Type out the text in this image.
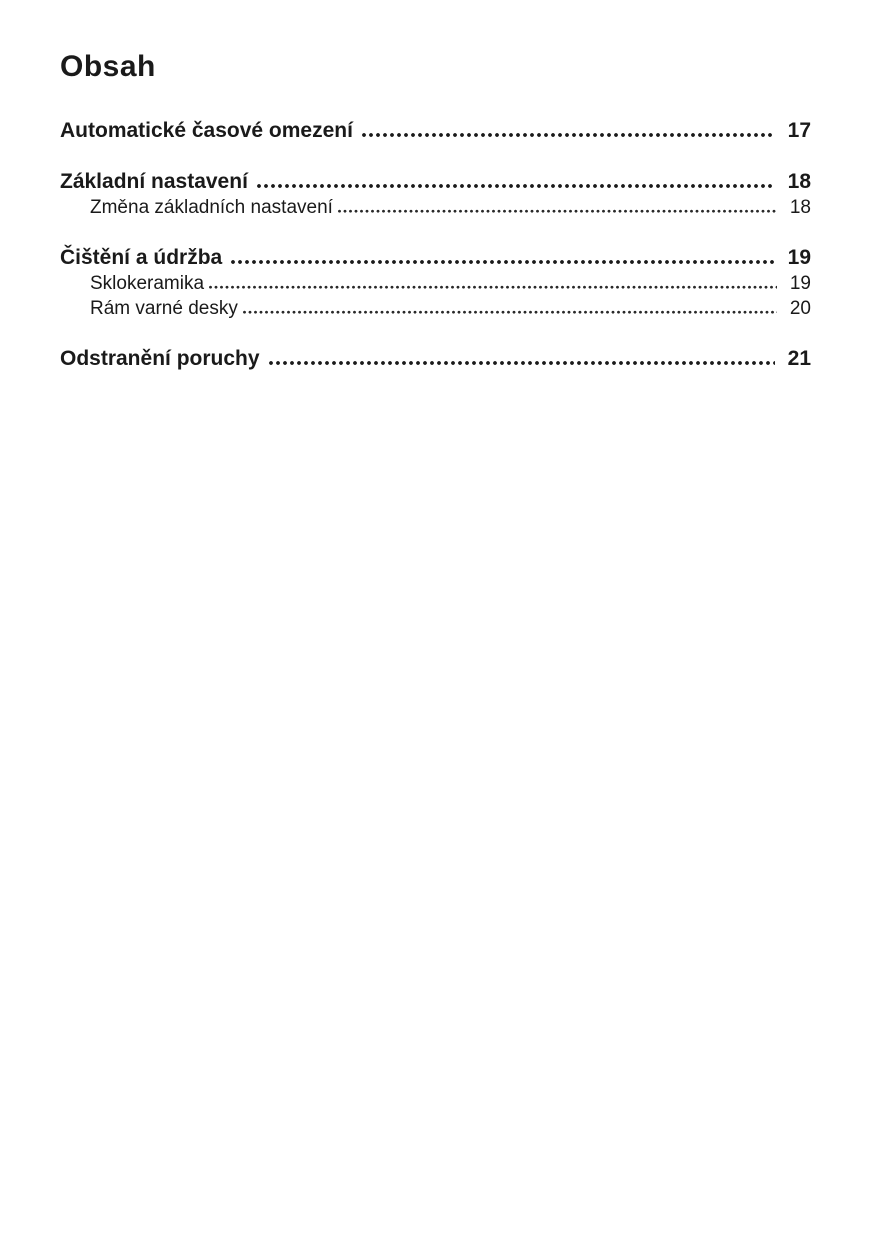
Obsah
Automatické časové omezení	17
Základní nastavení	18
Změna základních nastavení	18
Čištění a údržba	19
Sklokeramika	19
Rám varné desky	20
Odstranění poruchy	21
